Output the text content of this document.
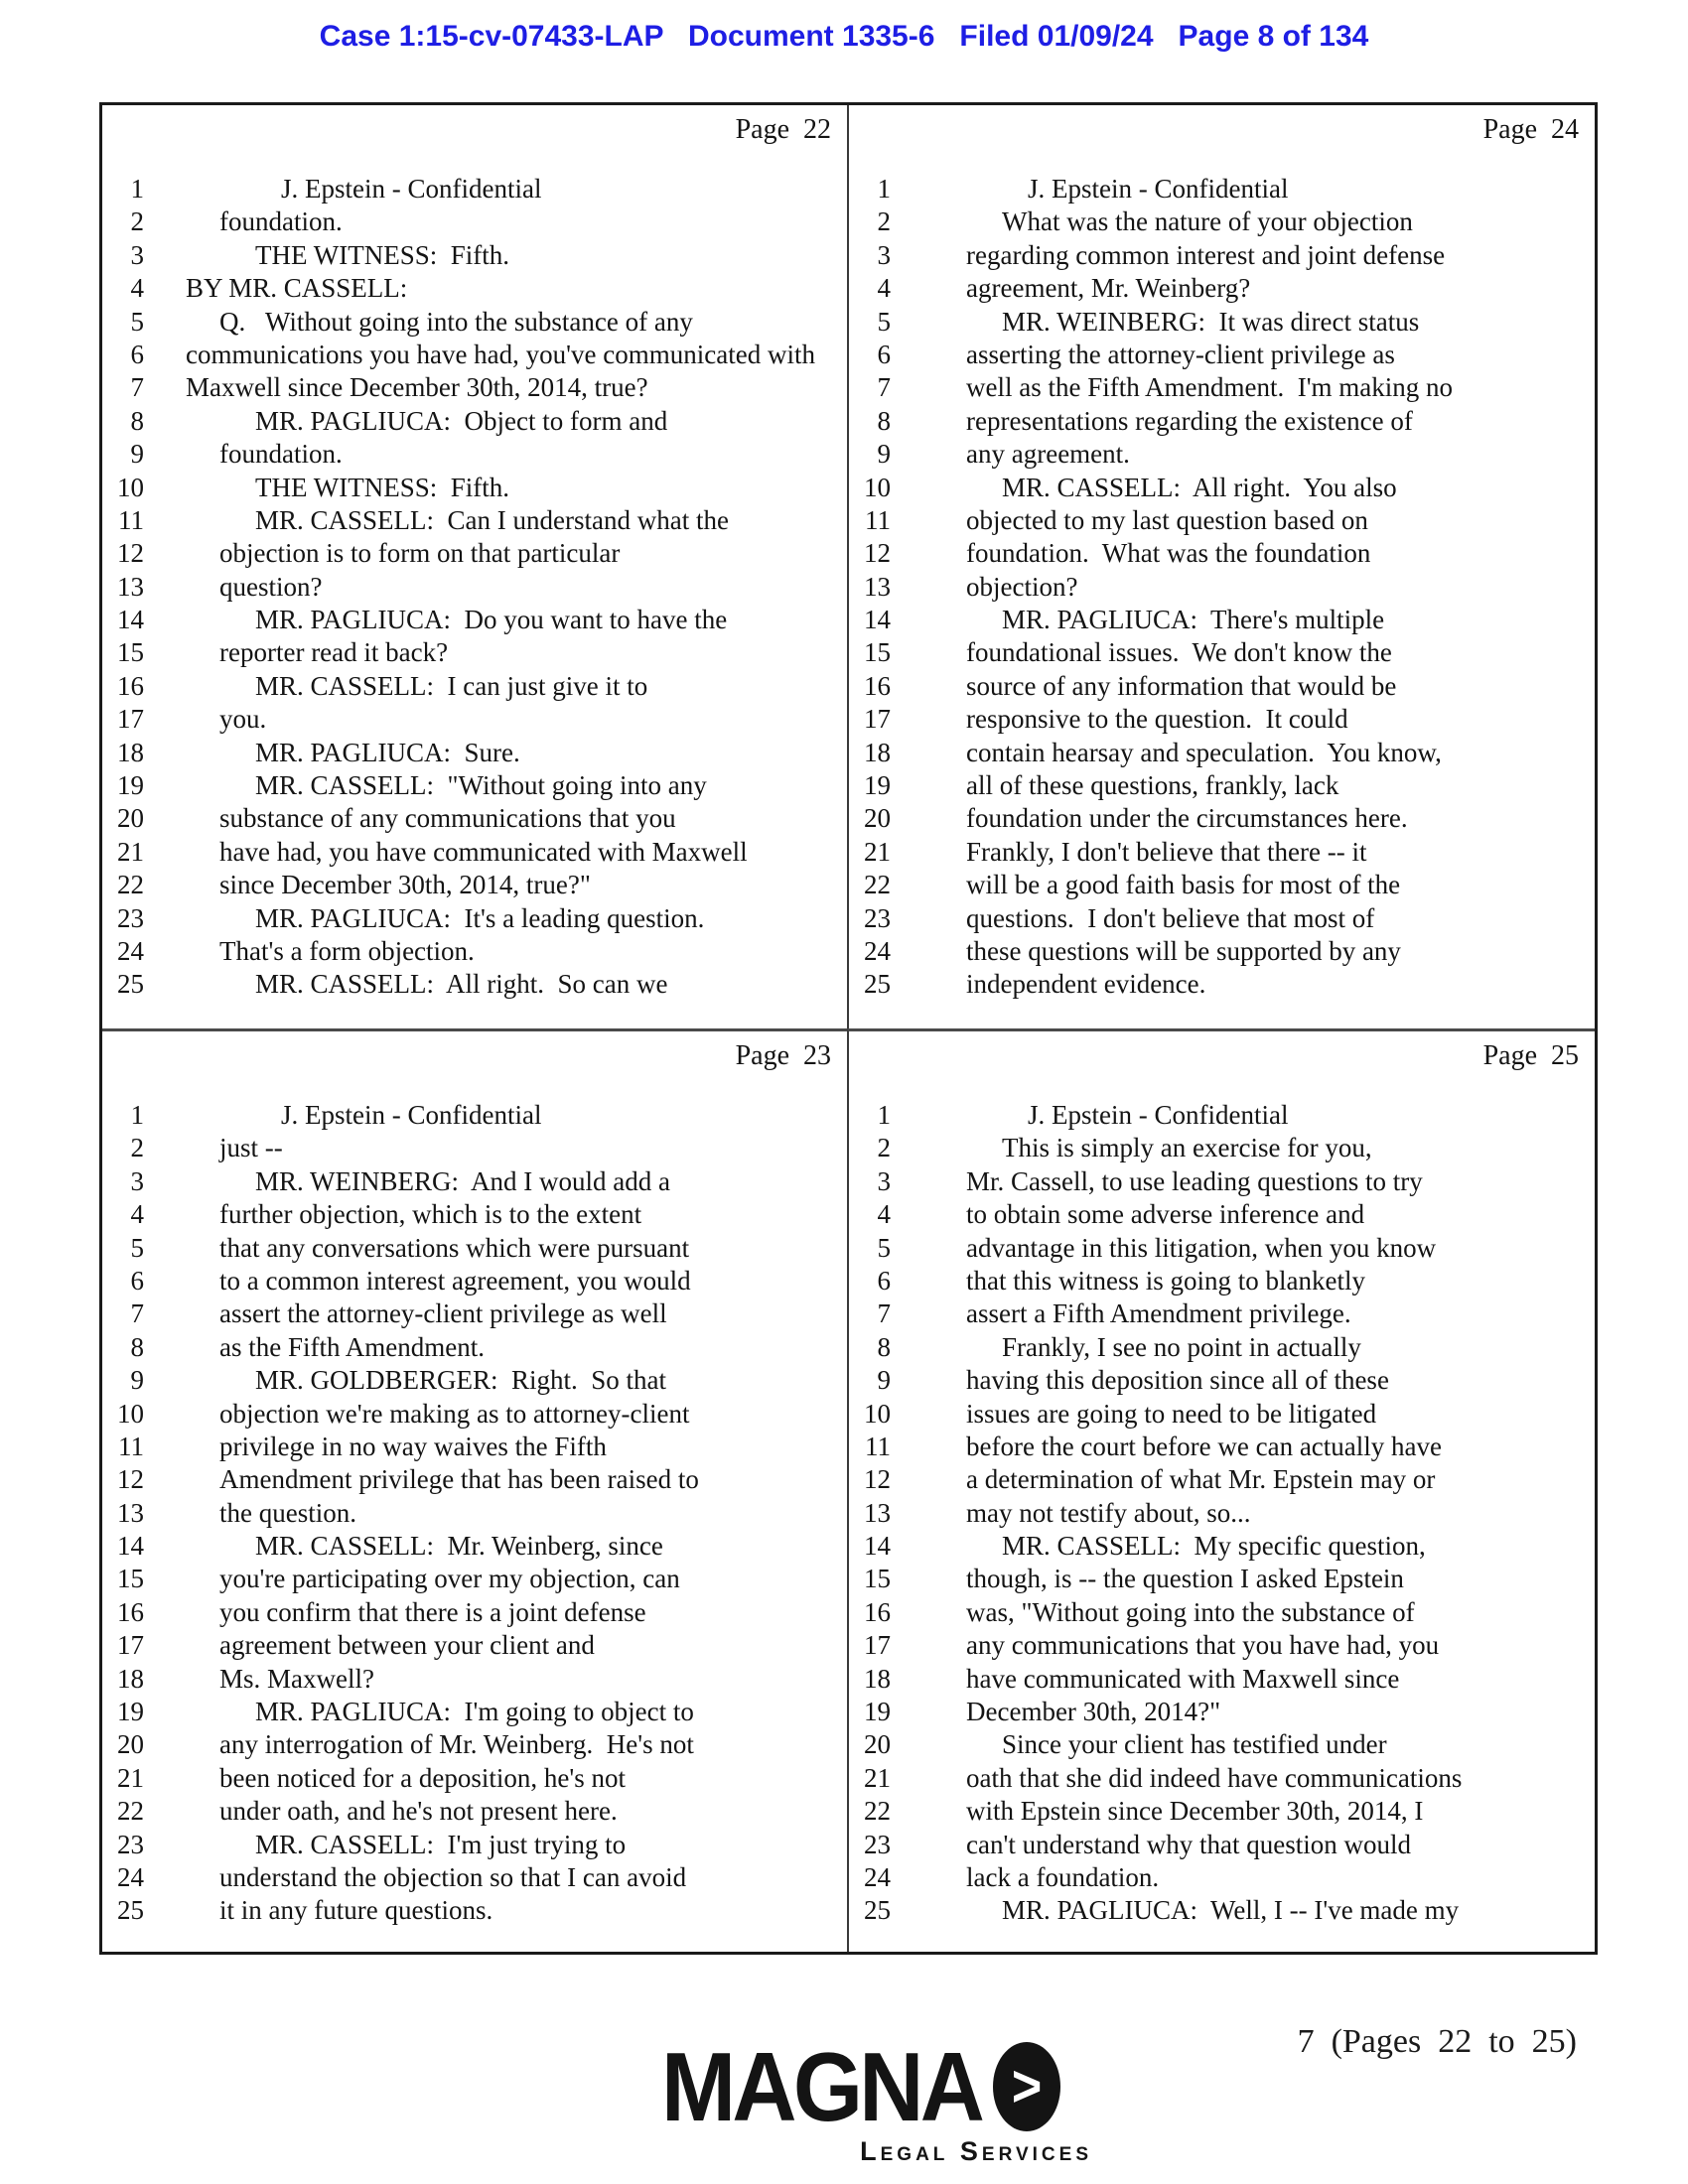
Case 1:15-cv-07433-LAP   Document 1335-6   Filed 01/09/24   Page 8 of 134
Page  22
1	J. Epstein - Confidential
2	foundation.
3	THE WITNESS:  Fifth.
4	BY MR. CASSELL:
5	Q.   Without going into the substance of any
6	communications you have had, you've communicated with
7	Maxwell since December 30th, 2014, true?
8	MR. PAGLIUCA:  Object to form and
9	foundation.
10	THE WITNESS:  Fifth.
11	MR. CASSELL:  Can I understand what the
12	objection is to form on that particular
13	question?
14	MR. PAGLIUCA:  Do you want to have the
15	reporter read it back?
16	MR. CASSELL:  I can just give it to
17	you.
18	MR. PAGLIUCA:  Sure.
19	MR. CASSELL:  "Without going into any
20	substance of any communications that you
21	have had, you have communicated with Maxwell
22	since December 30th, 2014, true?"
23	MR. PAGLIUCA:  It's a leading question.
24	That's a form objection.
25	MR. CASSELL:  All right.  So can we
Page  24
1	J. Epstein - Confidential
2	What was the nature of your objection
3	regarding common interest and joint defense
4	agreement, Mr. Weinberg?
5	MR. WEINBERG:  It was direct status
6	asserting the attorney-client privilege as
7	well as the Fifth Amendment.  I'm making no
8	representations regarding the existence of
9	any agreement.
10	MR. CASSELL:  All right.  You also
11	objected to my last question based on
12	foundation.  What was the foundation
13	objection?
14	MR. PAGLIUCA:  There's multiple
15	foundational issues.  We don't know the
16	source of any information that would be
17	responsive to the question.  It could
18	contain hearsay and speculation.  You know,
19	all of these questions, frankly, lack
20	foundation under the circumstances here.
21	Frankly, I don't believe that there -- it
22	will be a good faith basis for most of the
23	questions.  I don't believe that most of
24	these questions will be supported by any
25	independent evidence.
Page  23
1	J. Epstein - Confidential
2	just --
3	MR. WEINBERG:  And I would add a
4	further objection, which is to the extent
5	that any conversations which were pursuant
6	to a common interest agreement, you would
7	assert the attorney-client privilege as well
8	as the Fifth Amendment.
9	MR. GOLDBERGER:  Right.  So that
10	objection we're making as to attorney-client
11	privilege in no way waives the Fifth
12	Amendment privilege that has been raised to
13	the question.
14	MR. CASSELL:  Mr. Weinberg, since
15	you're participating over my objection, can
16	you confirm that there is a joint defense
17	agreement between your client and
18	Ms. Maxwell?
19	MR. PAGLIUCA:  I'm going to object to
20	any interrogation of Mr. Weinberg.  He's not
21	been noticed for a deposition, he's not
22	under oath, and he's not present here.
23	MR. CASSELL:  I'm just trying to
24	understand the objection so that I can avoid
25	it in any future questions.
Page  25
1	J. Epstein - Confidential
2	This is simply an exercise for you,
3	Mr. Cassell, to use leading questions to try
4	to obtain some adverse inference and
5	advantage in this litigation, when you know
6	that this witness is going to blanketly
7	assert a Fifth Amendment privilege.
8	Frankly, I see no point in actually
9	having this deposition since all of these
10	issues are going to need to be litigated
11	before the court before we can actually have
12	a determination of what Mr. Epstein may or
13	may not testify about, so...
14	MR. CASSELL:  My specific question,
15	though, is -- the question I asked Epstein
16	was, "Without going into the substance of
17	any communications that you have had, you
18	have communicated with Maxwell since
19	December 30th, 2014?"
20	Since your client has testified under
21	oath that she did indeed have communications
22	with Epstein since December 30th, 2014, I
23	can't understand why that question would
24	lack a foundation.
25	MR. PAGLIUCA:  Well, I -- I've made my
7  (Pages  22  to  25)
MAGNA >
Legal Services
